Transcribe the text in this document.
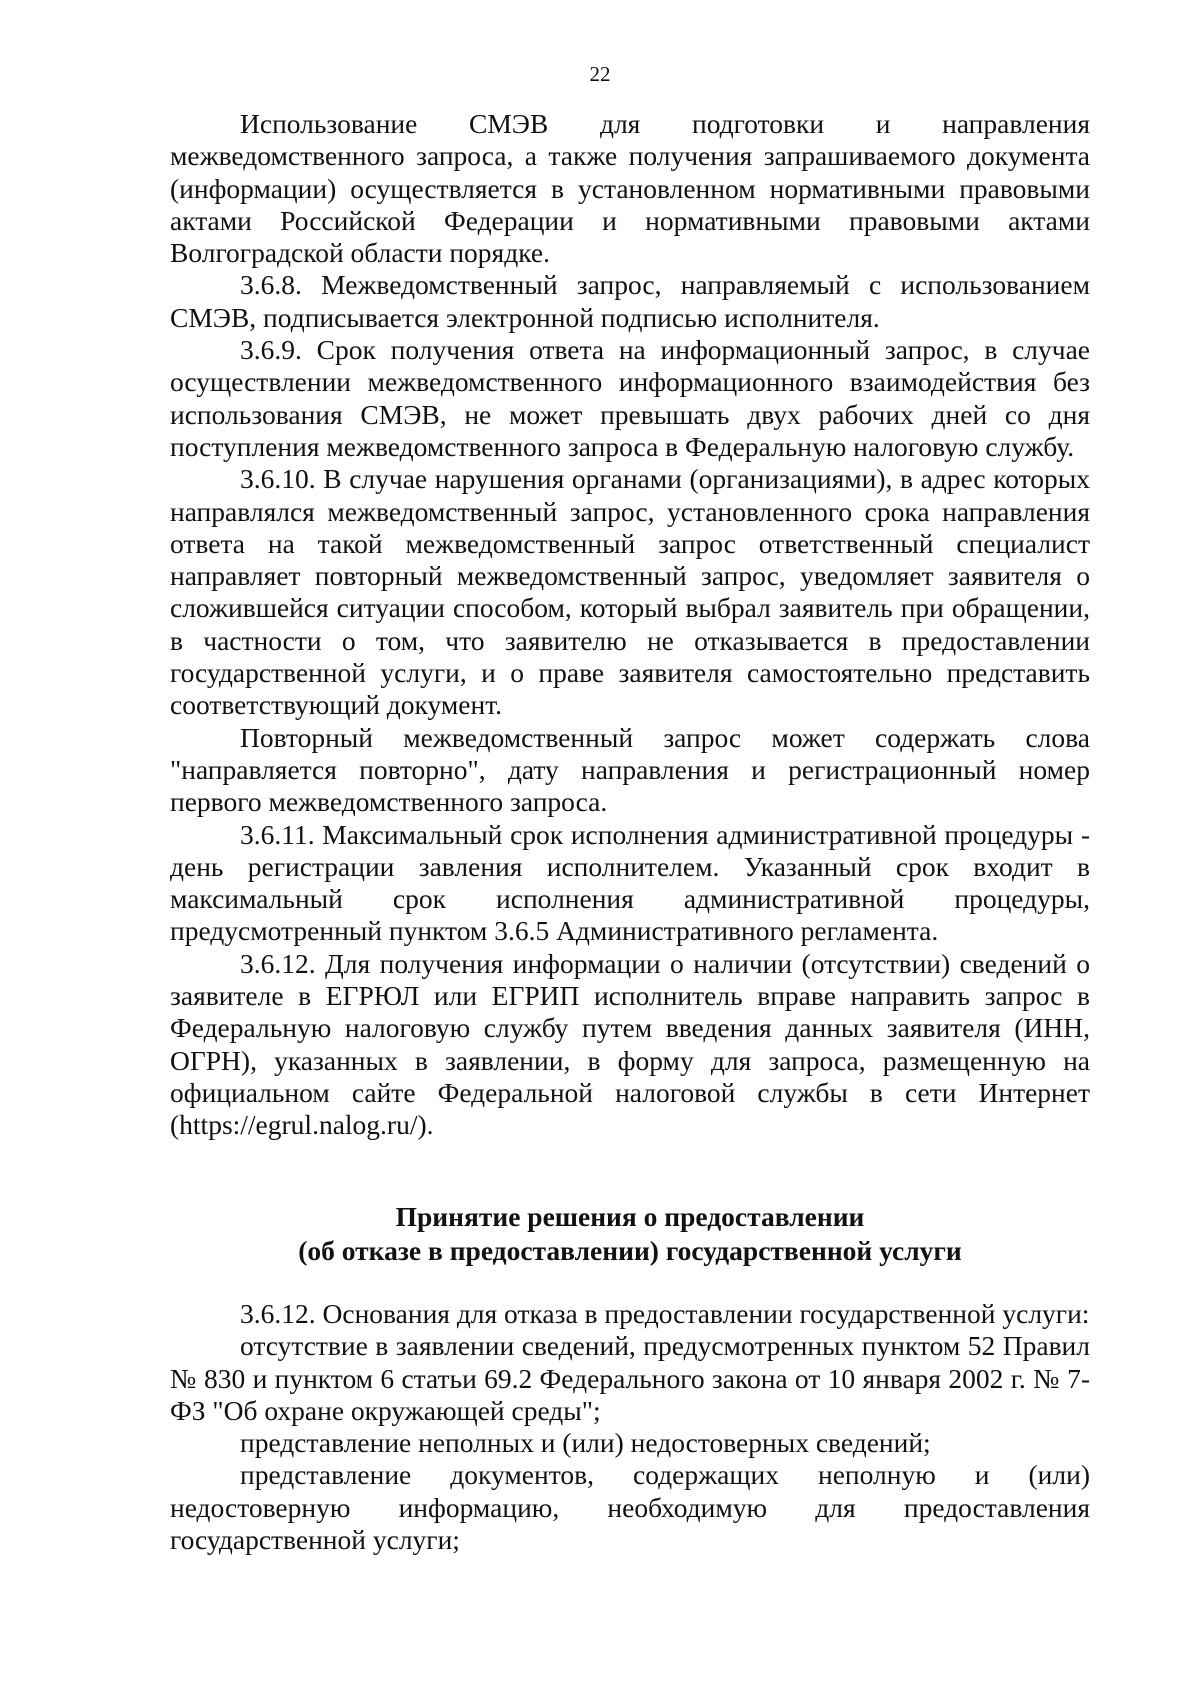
22

Использование СМЭВ для подготовки и направления межведомственного запроса, а также получения запрашиваемого документа (информации) осуществляется в установленном нормативными правовыми актами Российской Федерации и нормативными правовыми актами Волгоградской области порядке.

3.6.8. Межведомственный запрос, направляемый с использованием СМЭВ, подписывается электронной подписью исполнителя.

3.6.9. Срок получения ответа на информационный запрос, в случае осуществлении межведомственного информационного взаимодействия без использования СМЭВ, не может превышать двух рабочих дней со дня поступления межведомственного запроса в Федеральную налоговую службу.

3.6.10. В случае нарушения органами (организациями), в адрес которых направлялся межведомственный запрос, установленного срока направления ответа на такой межведомственный запрос ответственный специалист направляет повторный межведомственный запрос, уведомляет заявителя о сложившейся ситуации способом, который выбрал заявитель при обращении, в частности о том, что заявителю не отказывается в предоставлении государственной услуги, и о праве заявителя самостоятельно представить соответствующий документ.

Повторный межведомственный запрос может содержать слова "направляется повторно", дату направления и регистрационный номер первого межведомственного запроса.

3.6.11. Максимальный срок исполнения административной процедуры - день регистрации завления исполнителем. Указанный срок входит в максимальный срок исполнения административной процедуры, предусмотренный пунктом 3.6.5 Административного регламента.

3.6.12. Для получения информации о наличии (отсутствии) сведений о заявителе в ЕГРЮЛ или ЕГРИП исполнитель вправе направить запрос в Федеральную налоговую службу путем введения данных заявителя (ИНН, ОГРН), указанных в заявлении, в форму для запроса, размещенную на официальном сайте Федеральной налоговой службы в сети Интернет (https://egrul.nalog.ru/).

Принятие решения о предоставлении
(об отказе в предоставлении) государственной услуги

3.6.12. Основания для отказа в предоставлении государственной услуги:

отсутствие в заявлении сведений, предусмотренных пунктом 52 Правил № 830 и пунктом 6 статьи 69.2 Федерального закона от 10 января 2002 г. № 7-ФЗ "Об охране окружающей среды";

представление неполных и (или) недостоверных сведений;

представление документов, содержащих неполную и (или) недостоверную информацию, необходимую для предоставления государственной услуги;
